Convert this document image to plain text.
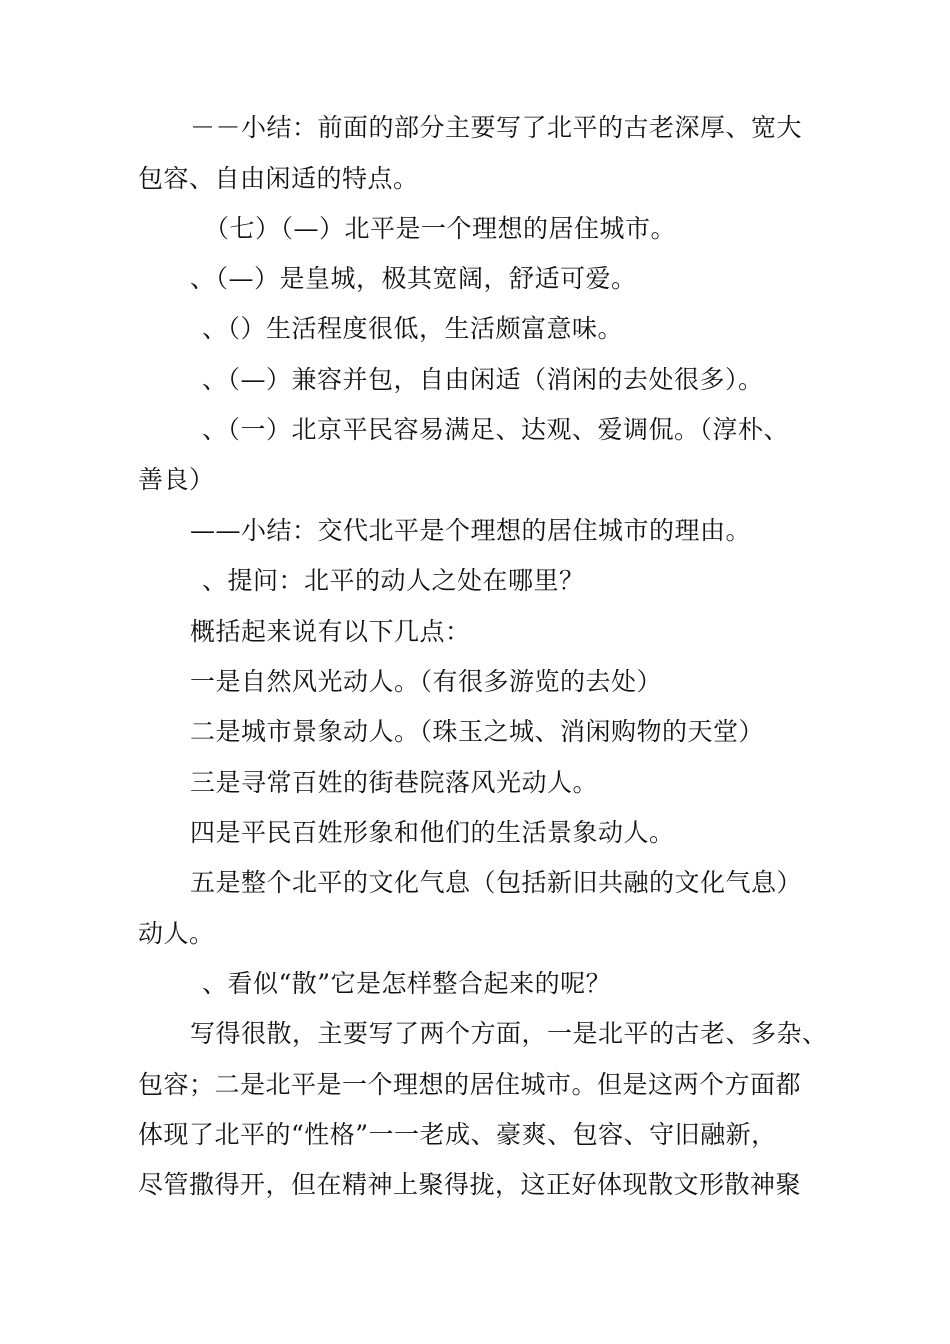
－－小结：前面的部分主要写了北平的古老深厚、宽大
包容、自由闲适的特点。
（七）（—）北平是一个理想的居住城市。
、（—）是皇城，极其宽阔，舒适可爱。
、（）生活程度很低，生活颇富意味。
、（—）兼容并包，自由闲适（消闲的去处很多）。
、（一）北京平民容易满足、达观、爱调侃。（淳朴、
善良）
——小结：交代北平是个理想的居住城市的理由。
、提问：北平的动人之处在哪里？
概括起来说有以下几点：
一是自然风光动人。（有很多游览的去处）
二是城市景象动人。（珠玉之城、消闲购物的天堂）
三是寻常百姓的街巷院落风光动人。
四是平民百姓形象和他们的生活景象动人。
五是整个北平的文化气息（包括新旧共融的文化气息）
动人。
、看似“散”它是怎样整合起来的呢？
写得很散，主要写了两个方面，一是北平的古老、多杂、
包容；二是北平是一个理想的居住城市。但是这两个方面都
体现了北平的“性格”一一老成、豪爽、包容、守旧融新，
尽管撒得开，但在精神上聚得拢，这正好体现散文形散神聚
